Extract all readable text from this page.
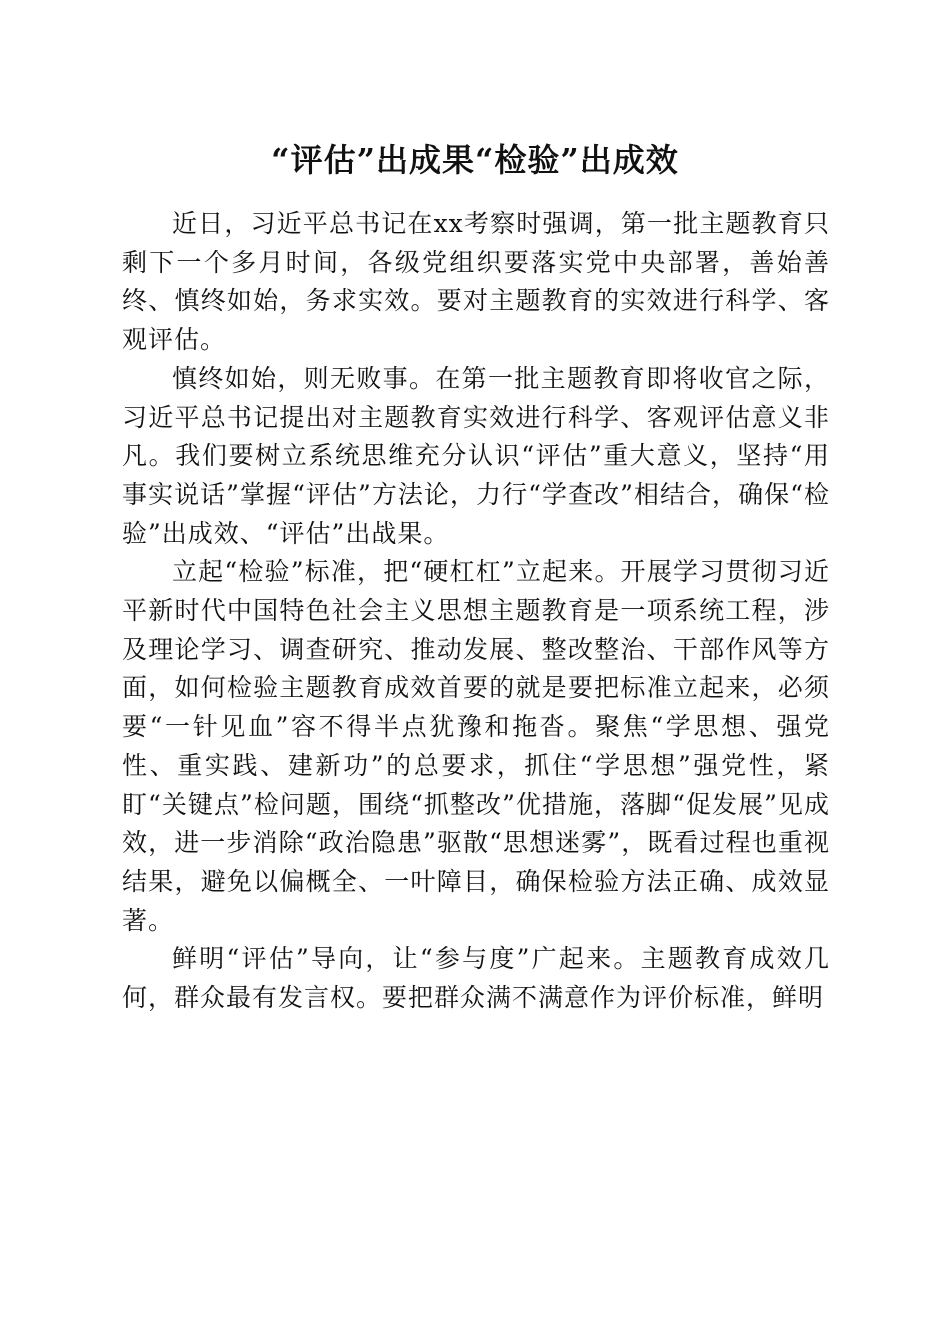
“评估”出成果“检验”出成效

近日，习近平总书记在xx考察时强调，第一批主题教育只剩下一个多月时间，各级党组织要落实党中央部署，善始善终、慎终如始，务求实效。要对主题教育的实效进行科学、客观评估。

慎终如始，则无败事。在第一批主题教育即将收官之际，习近平总书记提出对主题教育实效进行科学、客观评估意义非凡。我们要树立系统思维充分认识“评估”重大意义，坚持“用事实说话”掌握“评估”方法论，力行“学查改”相结合，确保“检验”出成效、“评估”出战果。

立起“检验”标准，把“硬杠杠”立起来。开展学习贯彻习近平新时代中国特色社会主义思想主题教育是一项系统工程，涉及理论学习、调查研究、推动发展、整改整治、干部作风等方面，如何检验主题教育成效首要的就是要把标准立起来，必须要“一针见血”容不得半点犹豫和拖沓。聚焦“学思想、强党性、重实践、建新功”的总要求，抓住“学思想”强党性，紧盯“关键点”检问题，围绕“抓整改”优措施，落脚“促发展”见成效，进一步消除“政治隐患”驱散“思想迷雾”，既看过程也重视结果，避免以偏概全、一叶障目，确保检验方法正确、成效显著。

鲜明“评估”导向，让“参与度”广起来。主题教育成效几何，群众最有发言权。要把群众满不满意作为评价标准，鲜明
